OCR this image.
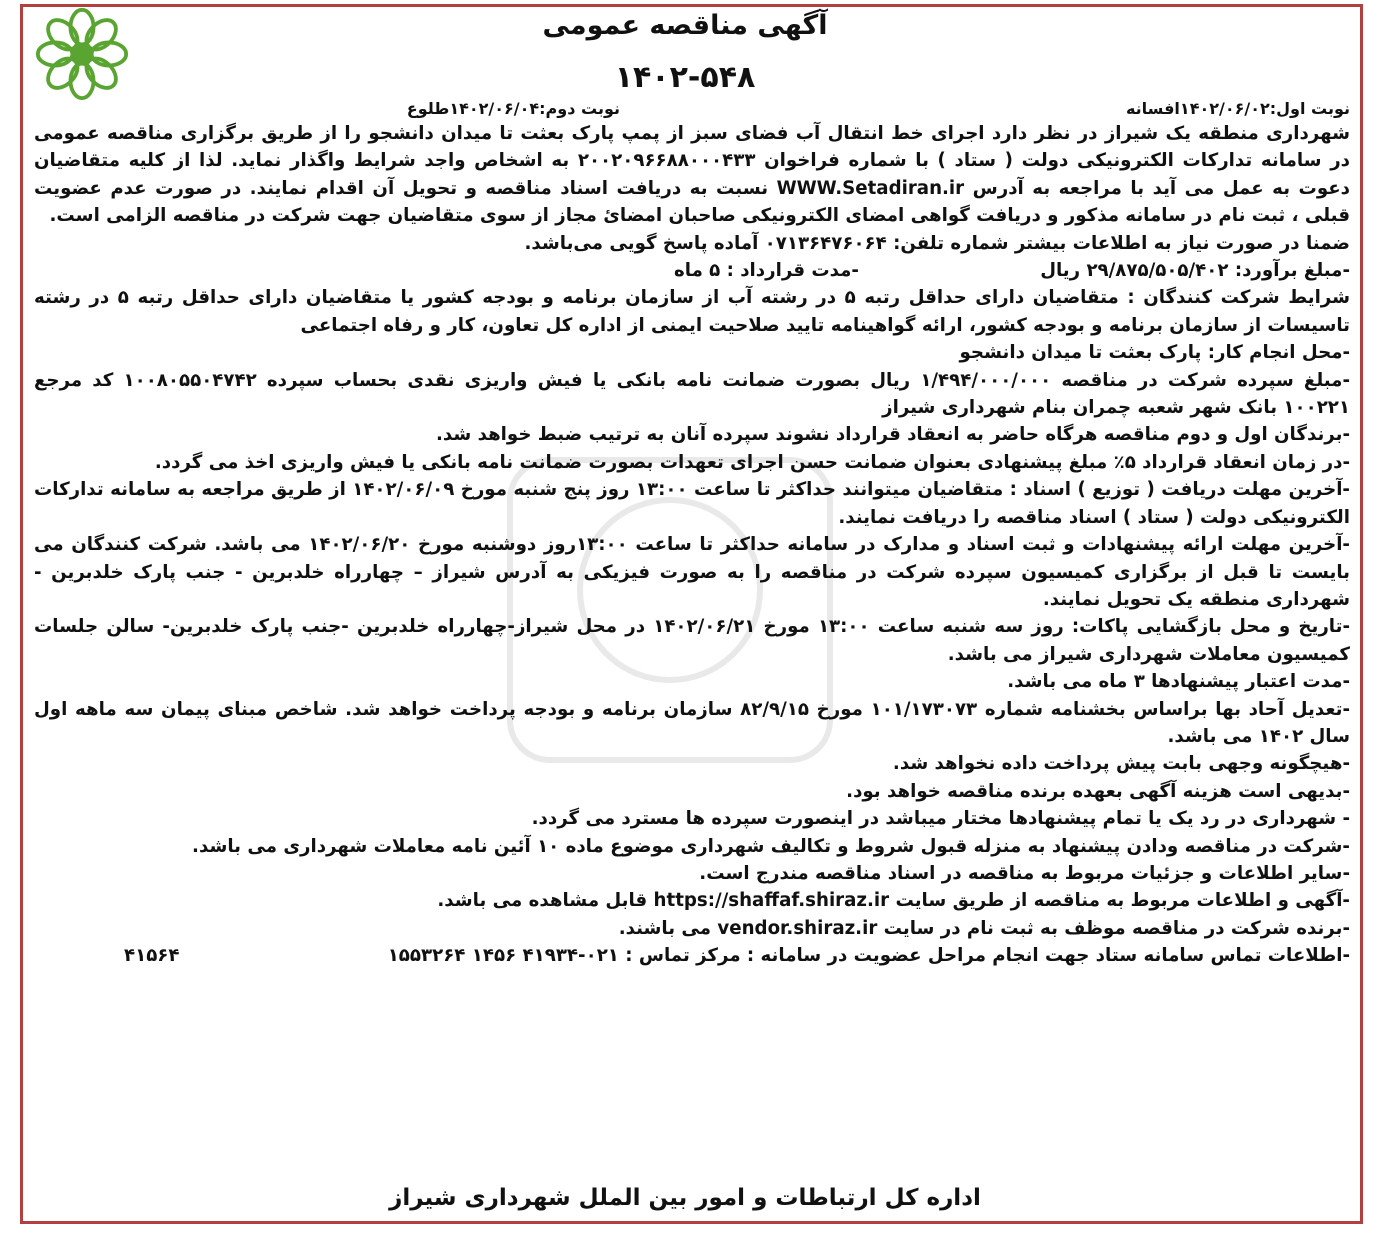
آگهی مناقصه عمومی
۱۴۰۲-۵۴۸
نوبت اول:۱۴۰۲/۰۶/۰۲افسانه
نوبت دوم:۱۴۰۲/۰۶/۰۴طلوع

شهرداری منطقه یک شیراز در نظر دارد اجرای خط انتقال آب فضای سبز از پمپ پارک بعثت تا میدان دانشجو را از طریق برگزاری مناقصه عمومی در سامانه تدارکات الکترونیکی دولت ( ستاد ) با شماره فراخوان ۲۰۰۲۰۹۶۶۸۸۰۰۰۴۳۳ به اشخاص واجد شرایط واگذار نماید. لذا از کلیه متقاضیان دعوت به عمل می آید با مراجعه به آدرس WWW.Setadiran.ir نسبت به دریافت اسناد مناقصه و تحویل آن اقدام نمایند. در صورت عدم عضویت قبلی ، ثبت نام در سامانه مذکور و دریافت گواهی امضای الکترونیکی صاحبان امضائ مجاز از سوی متقاضیان جهت شرکت در مناقصه الزامی است.

ضمنا در صورت نیاز به اطلاعات بیشتر شماره تلفن: ۰۷۱۳۶۴۷۶۰۶۴ آماده پاسخ گویی می‌باشد.

-مبلغ برآورد: ۲۹/۸۷۵/۵۰۵/۴۰۲ ریال
-مدت قرارداد : ۵ ماه

شرایط شرکت کنندگان : متقاضیان دارای حداقل رتبه ۵ در رشته آب از سازمان برنامه و بودجه کشور یا متقاضیان دارای حداقل رتبه ۵ در رشته تاسیسات از سازمان برنامه و بودجه کشور، ارائه گواهینامه تایید صلاحیت ایمنی از اداره کل تعاون، کار و رفاه اجتماعی

-محل انجام کار: پارک بعثت تا میدان دانشجو

-مبلغ سپرده شرکت در مناقصه ۱/۴۹۴/۰۰۰/۰۰۰ ریال بصورت ضمانت نامه بانکی یا فیش واریزی نقدی بحساب سپرده ۱۰۰۸۰۵۵۰۴۷۴۲ کد مرجع ۱۰۰۲۲۱ بانک شهر شعبه چمران بنام شهرداری شیراز

-برندگان اول و دوم مناقصه هرگاه حاضر به انعقاد قرارداد نشوند سپرده آنان به ترتیب ضبط خواهد شد.

-در زمان انعقاد قرارداد ۵٪ مبلغ پیشنهادی بعنوان ضمانت حسن اجرای تعهدات بصورت ضمانت نامه بانکی یا فیش واریزی اخذ می گردد.

-آخرین مهلت دریافت ( توزیع ) اسناد : متقاضیان میتوانند حداکثر تا ساعت ۱۳:۰۰ روز پنج شنبه مورخ ۱۴۰۲/۰۶/۰۹ از طریق مراجعه به سامانه تدارکات الکترونیکی دولت ( ستاد ) اسناد مناقصه را دریافت نمایند.

-آخرین مهلت ارائه پیشنهادات و ثبت اسناد و مدارک در سامانه حداکثر تا ساعت ۱۳:۰۰روز دوشنبه مورخ ۱۴۰۲/۰۶/۲۰ می باشد. شرکت کنندگان می بایست تا قبل از برگزاری کمیسیون سپرده شرکت در مناقصه را به صورت فیزیکی به آدرس شیراز – چهارراه خلدبرین - جنب پارک خلدبرین - شهرداری منطقه یک تحویل نمایند.

-تاریخ و محل بازگشایی پاکات: روز سه شنبه ساعت ۱۳:۰۰ مورخ ۱۴۰۲/۰۶/۲۱ در محل شیراز-چهارراه خلدبرین -جنب پارک خلدبرین- سالن جلسات کمیسیون معاملات شهرداری شیراز می باشد.

-مدت اعتبار پیشنهادها ۳ ماه می باشد.

-تعدیل آحاد بها براساس بخشنامه شماره ۱۰۱/۱۷۳۰۷۳ مورخ ۸۲/۹/۱۵ سازمان برنامه و بودجه پرداخت خواهد شد. شاخص مبنای پیمان سه ماهه اول سال ۱۴۰۲ می باشد.

-هیچگونه وجهی بابت پیش پرداخت داده نخواهد شد.

-بدیهی است هزینه آگهی بعهده برنده مناقصه خواهد بود.

- شهرداری در رد یک یا تمام پیشنهادها مختار میباشد در اینصورت سپرده ها مسترد می گردد.

-شرکت در مناقصه ودادن پیشنهاد به منزله قبول شروط و تکالیف شهرداری موضوع ماده ۱۰ آئین نامه معاملات شهرداری می باشد.

-سایر اطلاعات و جزئیات مربوط به مناقصه در اسناد مناقصه مندرج است.

-آگهی و اطلاعات مربوط به مناقصه از طریق سایت https://shaffaf.shiraz.ir قابل مشاهده می باشد.

-برنده شرکت در مناقصه موظف به ثبت نام در سایت vendor.shiraz.ir می باشند.

-اطلاعات تماس سامانه ستاد جهت انجام مراحل عضویت در سامانه : مرکز تماس : ۰۲۱-۴۱۹۳۴ ۱۴۵۶ ۱۵۵۳۲۶۴
۴۱۵۶۴
اداره کل ارتباطات و امور بین الملل شهرداری شیراز
